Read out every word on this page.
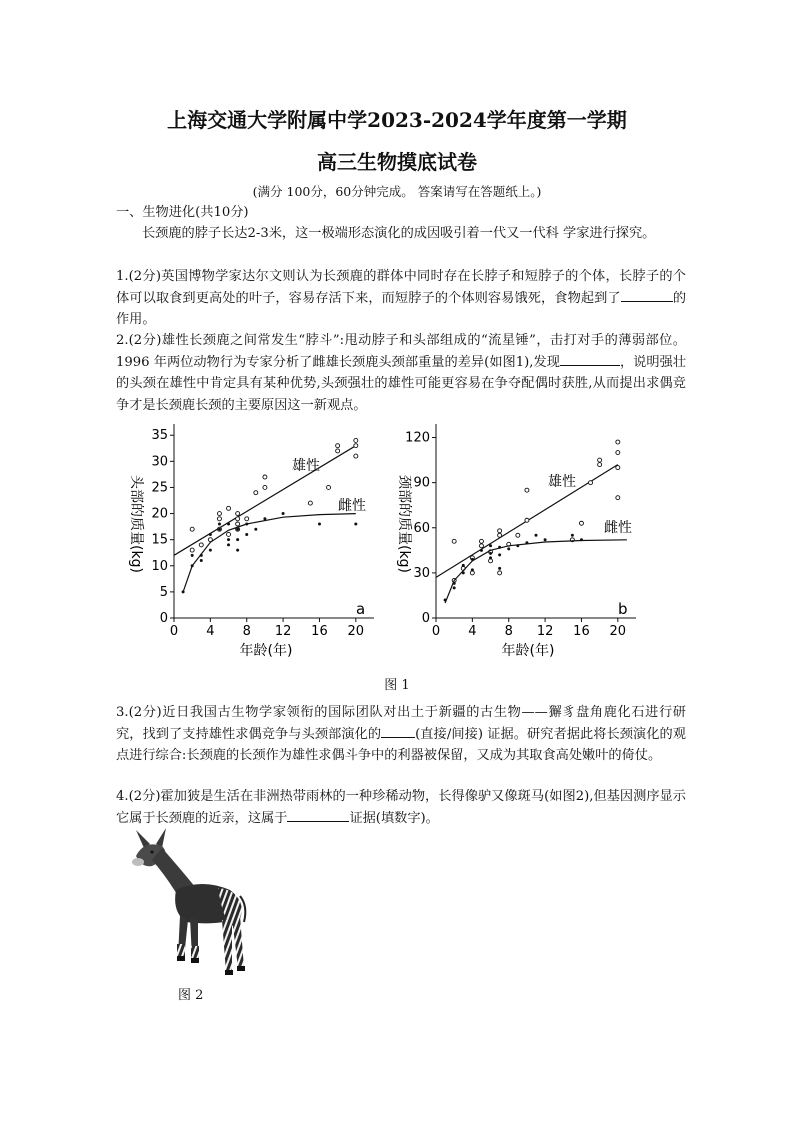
上海交通大学附属中学2023-2024学年度第一学期
高三生物摸底试卷
(满分 100分，60分钟完成。 答案请写在答题纸上。)
一、生物进化(共10分)
长颈鹿的脖子长达2-3米，这一极端形态演化的成因吸引着一代又一代科 学家进行探究。
1.(2分)英国博物学家达尔文则认为长颈鹿的群体中同时存在长脖子和短脖子的个体，长脖子的个体可以取食到更高处的叶子，容易存活下来，而短脖子的个体则容易饿死，食物起到了	的作用。
2.(2分)雄性长颈鹿之间常发生“脖斗”:甩动脖子和头部组成的“流星锤”，击打对手的薄弱部位。1996 年两位动物行为专家分析了雌雄长颈鹿头颈部重量的差异(如图1),发现	，说明强壮的头颈在雄性中肯定具有某种优势,头颈强壮的雄性可能更容易在争夺配偶时获胜,从而提出求偶竞争才是长颈鹿长颈的主要原因这一新观点。
0
5
10
15
20
25
30
35
0 4 8 12 16 20
年龄(年)
头部的质量(kg)
雄性
雌性
a
0
30
60
90
120
0 4 8 12 16 20
年龄(年)
颈部的质量(kg)	雄性
雌性
b
图 1
3.(2分)近日我国古生物学家领衔的国际团队对出土于新疆的古生物——獬豸盘角鹿化石进行研究，找到了支持雄性求偶竞争与头颈部演化的	(直接/间接) 证据。研究者据此将长颈演化的观点进行综合:长颈鹿的长颈作为雄性求偶斗争中的利器被保留，又成为其取食高处嫩叶的倚仗。
4.(2分)霍加狓是生活在非洲热带雨林的一种珍稀动物，长得像驴又像斑马(如图2),但基因测序显示它属于长颈鹿的近亲，这属于	证据(填数字)。
图 2
